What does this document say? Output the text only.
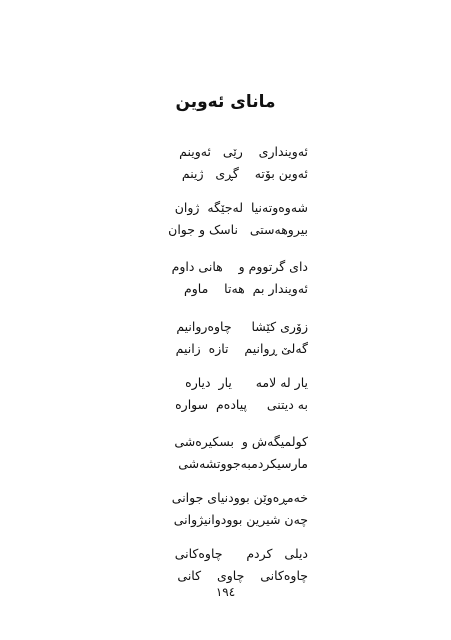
مانای ئەوین
ئەویندارى    رێی   ئەوینم
ئەوین بۆتە    گڕی   ژینم
شەوەوتەنیا  لەجێگە  ژوان
بیروهەستی   ناسک و جوان
دای گرتووم و    هانی داوم
ئەویندار بم  هەتا    ماوم
زۆرى کێشا     چاوەروانیم
گەلێ ڕوانیم    تازە  زانیم
یار لە لامە      یار  دیارە
بە دیتنی     پیادەم  سوارە
کولمیگەش و  بسکیرەشی
مارسیکردمبەجووتشەشی
خەمڕەوێن بوودنیای جوانی
چەن شیرین بوودوانیژوانی
دیلی   کردم      چاوەکانی
چاوەکانی    چاوی    کانی
١٩٤
